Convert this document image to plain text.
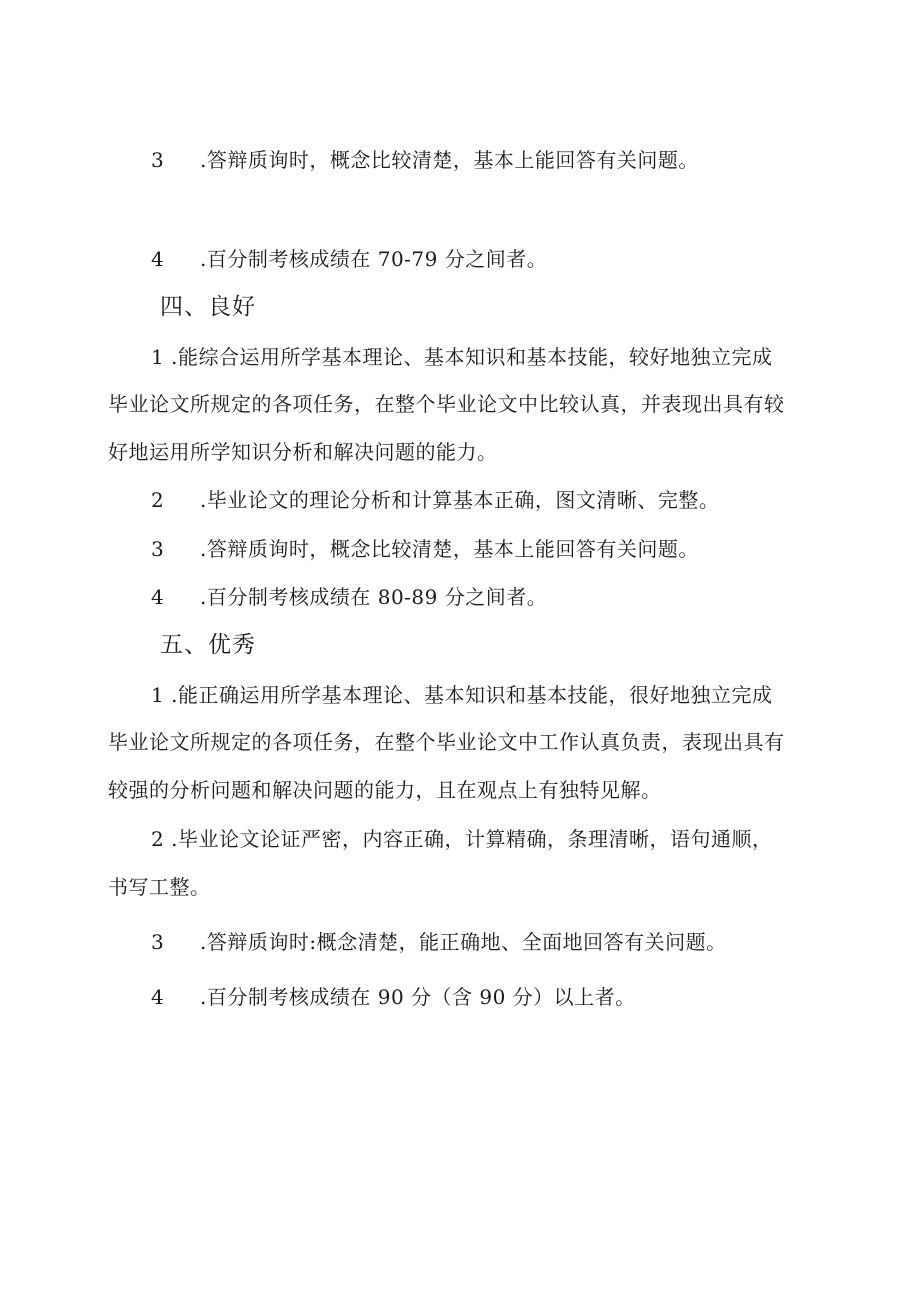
3 .答辩质询时，概念比较清楚，基本上能回答有关问题。
4 .百分制考核成绩在 70-79 分之间者。
四、良好
1 .能综合运用所学基本理论、基本知识和基本技能，较好地独立完成
毕业论文所规定的各项任务，在整个毕业论文中比较认真，并表现出具有较
好地运用所学知识分析和解决问题的能力。
2 .毕业论文的理论分析和计算基本正确，图文清晰、完整。
3 .答辩质询时，概念比较清楚，基本上能回答有关问题。
4 .百分制考核成绩在 80-89 分之间者。
五、优秀
1 .能正确运用所学基本理论、基本知识和基本技能，很好地独立完成
毕业论文所规定的各项任务，在整个毕业论文中工作认真负责，表现出具有
较强的分析问题和解决问题的能力，且在观点上有独特见解。
2 .毕业论文论证严密，内容正确，计算精确，条理清晰，语句通顺，
书写工整。
3 .答辩质询时:概念清楚，能正确地、全面地回答有关问题。
4 .百分制考核成绩在 90 分（含 90 分）以上者。
